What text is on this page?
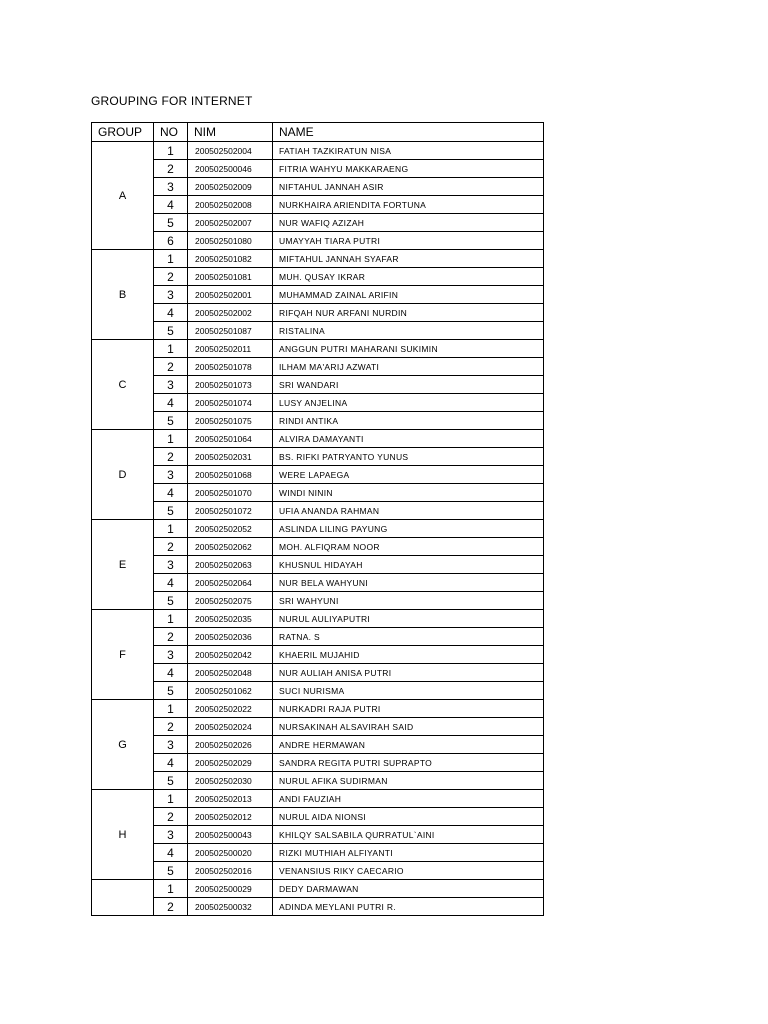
GROUPING FOR INTERNET
GROUP	NO	NIM	NAME
A	1	200502502004	FATIAH TAZKIRATUN NISA
	2	200502500046	FITRIA WAHYU MAKKARAENG
	3	200502502009	NIFTAHUL JANNAH ASIR
	4	200502502008	NURKHAIRA ARIENDITA FORTUNA
	5	200502502007	NUR WAFIQ AZIZAH
	6	200502501080	UMAYYAH TIARA PUTRI
B	1	200502501082	MIFTAHUL JANNAH SYAFAR
	2	200502501081	MUH. QUSAY IKRAR
	3	200502502001	MUHAMMAD ZAINAL ARIFIN
	4	200502502002	RIFQAH NUR ARFANI NURDIN
	5	200502501087	RISTALINA
C	1	200502502011	ANGGUN PUTRI MAHARANI SUKIMIN
	2	200502501078	ILHAM MA'ARIJ AZWATI
	3	200502501073	SRI WANDARI
	4	200502501074	LUSY ANJELINA
	5	200502501075	RINDI ANTIKA
D	1	200502501064	ALVIRA DAMAYANTI
	2	200502502031	BS. RIFKI PATRYANTO YUNUS
	3	200502501068	WERE LAPAEGA
	4	200502501070	WINDI NININ
	5	200502501072	UFIA ANANDA RAHMAN
E	1	200502502052	ASLINDA LILING PAYUNG
	2	200502502062	MOH. ALFIQRAM NOOR
	3	200502502063	KHUSNUL HIDAYAH
	4	200502502064	NUR BELA WAHYUNI
	5	200502502075	SRI WAHYUNI
F	1	200502502035	NURUL AULIYAPUTRI
	2	200502502036	RATNA. S
	3	200502502042	KHAERIL MUJAHID
	4	200502502048	NUR AULIAH ANISA PUTRI
	5	200502501062	SUCI NURISMA
G	1	200502502022	NURKADRI RAJA PUTRI
	2	200502502024	NURSAKINAH ALSAVIRAH SAID
	3	200502502026	ANDRE HERMAWAN
	4	200502502029	SANDRA REGITA PUTRI SUPRAPTO
	5	200502502030	NURUL AFIKA SUDIRMAN
H	1	200502502013	ANDI FAUZIAH
	2	200502502012	NURUL AIDA NIONSI
	3	200502500043	KHILQY SALSABILA QURRATUL`AINI
	4	200502500020	RIZKI MUTHIAH ALFIYANTI
	5	200502502016	VENANSIUS RIKY CAECARIO
	1	200502500029	DEDY DARMAWAN
	2	200502500032	ADINDA MEYLANI PUTRI R.
